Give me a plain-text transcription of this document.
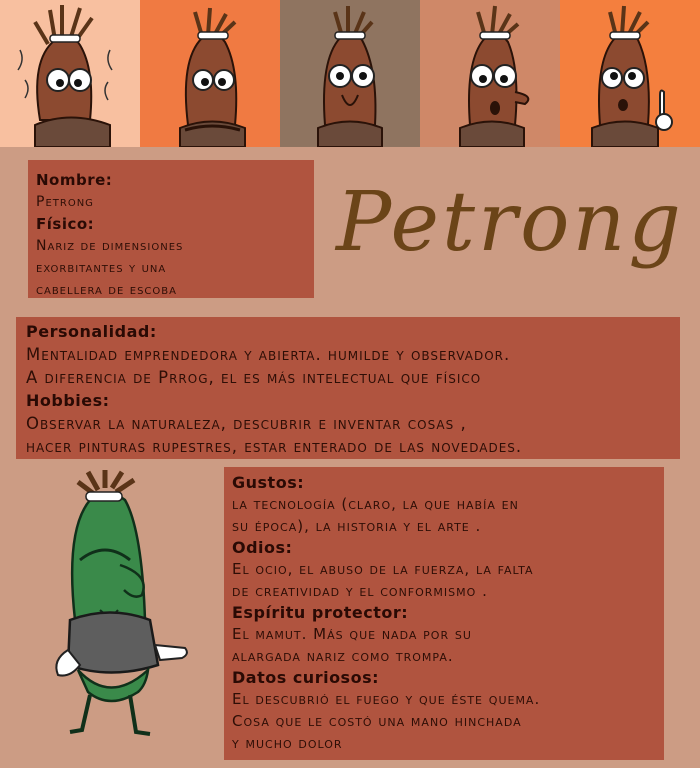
Nombre:
Petrong
Físico:
Nariz de dimensiones
exorbitantes y una
cabellera de escoba
Petrong
Personalidad:
Mentalidad emprendedora y abierta. humilde y observador.
A diferencia de Prrog, el es más intelectual que físico
Hobbies:
Observar la naturaleza, descubrir e inventar cosas ,
hacer pinturas rupestres, estar enterado de las novedades.
Gustos:
la tecnología (claro, la que había en
su época), la historia y el arte .
Odios:
El ocio, el abuso de la fuerza, la falta
de creatividad y el conformismo .
Espíritu protector:
El mamut. Más que nada por su
alargada nariz como trompa.
Datos curiosos:
El descubrió el fuego y que éste quema.
Cosa que le costó una mano hinchada
y mucho dolor
